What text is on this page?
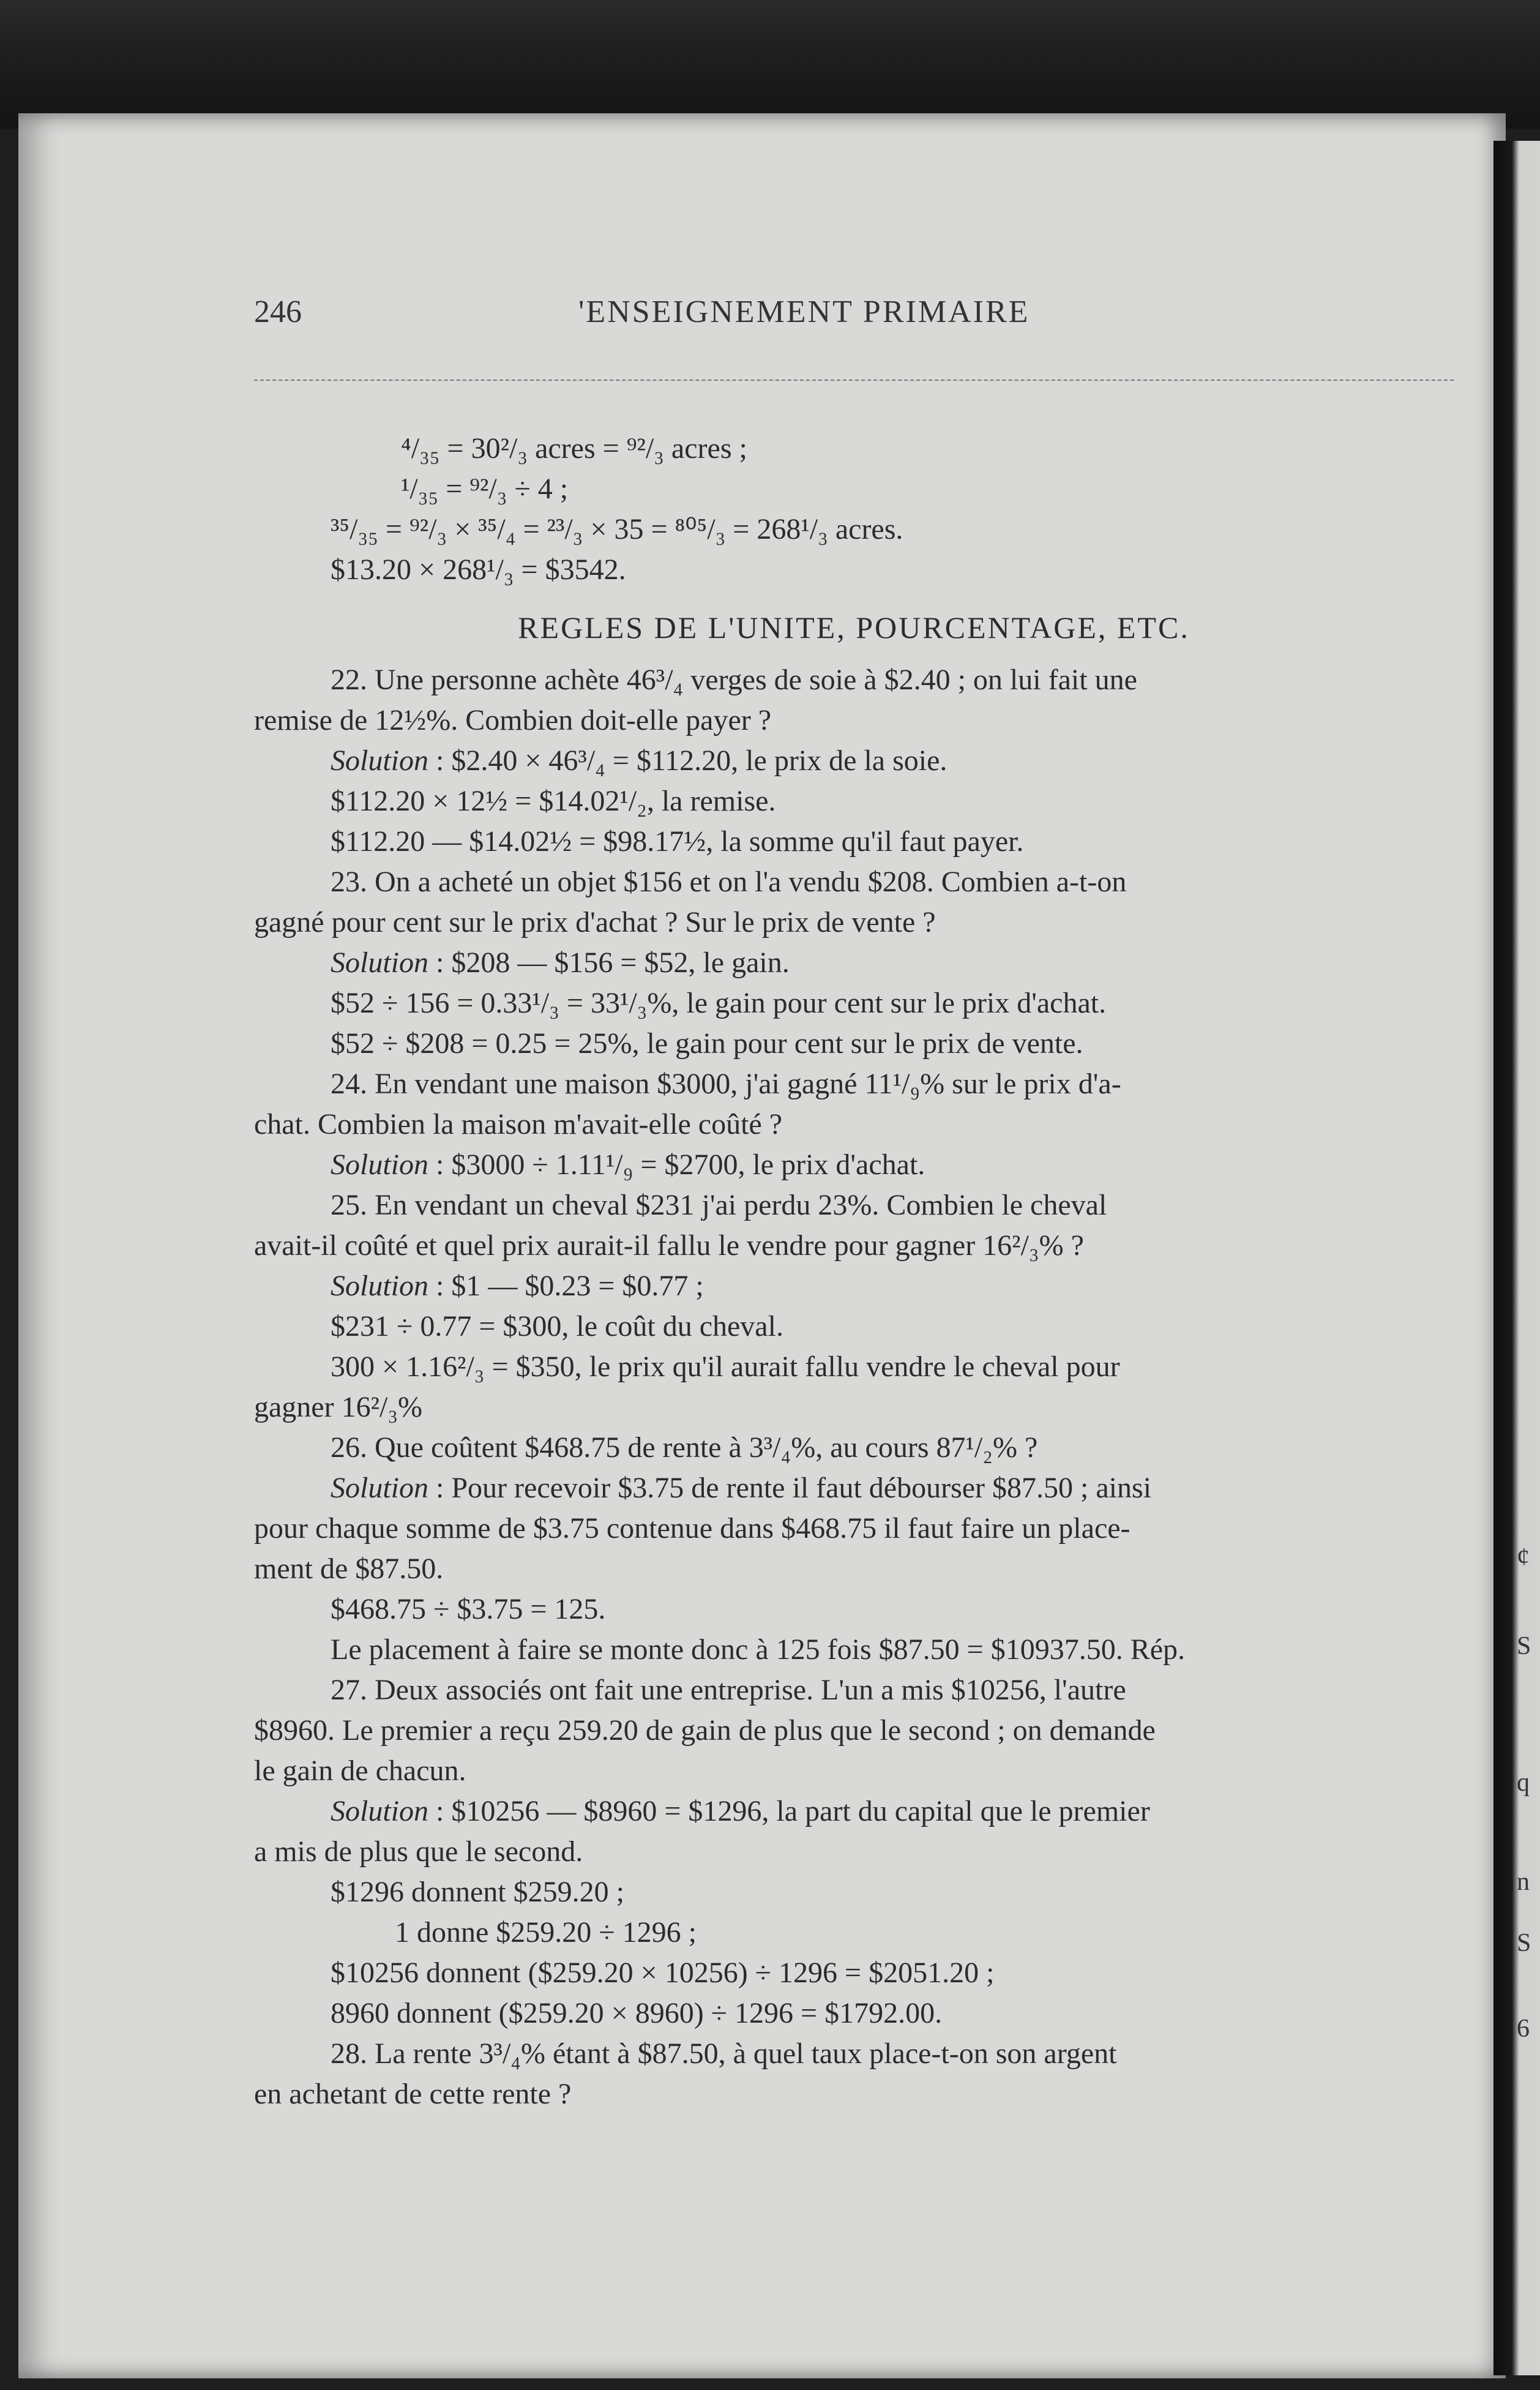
¢
S
q
n
S
6
246	'ENSEIGNEMENT PRIMAIRE
⁴/₃₅ = 30²/₃ acres = ⁹²/₃ acres ;
¹/₃₅ = ⁹²/₃ ÷ 4 ;
³⁵/₃₅ = ⁹²/₃ × ³⁵/₄ = ²³/₃ × 35 = ⁸⁰⁵/₃ = 268¹/₃ acres.
$13.20 × 268¹/₃ = $3542.
REGLES DE L'UNITE, POURCENTAGE, ETC.
22. Une personne achète 46³/₄ verges de soie à $2.40 ; on lui fait une
remise de 12½%. Combien doit-elle payer ?
Solution : $2.40 × 46³/₄ = $112.20, le prix de la soie.
$112.20 × 12½ = $14.02¹/₂, la remise.
$112.20 — $14.02½ = $98.17½, la somme qu'il faut payer.
23. On a acheté un objet $156 et on l'a vendu $208. Combien a-t-on
gagné pour cent sur le prix d'achat ? Sur le prix de vente ?
Solution : $208 — $156 = $52, le gain.
$52 ÷ 156 = 0.33¹/₃ = 33¹/₃%, le gain pour cent sur le prix d'achat.
$52 ÷ $208 = 0.25 = 25%, le gain pour cent sur le prix de vente.
24. En vendant une maison $3000, j'ai gagné 11¹/₉% sur le prix d'a-
chat. Combien la maison m'avait-elle coûté ?
Solution : $3000 ÷ 1.11¹/₉ = $2700, le prix d'achat.
25. En vendant un cheval $231 j'ai perdu 23%. Combien le cheval
avait-il coûté et quel prix aurait-il fallu le vendre pour gagner 16²/₃% ?
Solution : $1 — $0.23 = $0.77 ;
$231 ÷ 0.77 = $300, le coût du cheval.
300 × 1.16²/₃ = $350, le prix qu'il aurait fallu vendre le cheval pour
gagner 16²/₃%
26. Que coûtent $468.75 de rente à 3³/₄%, au cours 87¹/₂% ?
Solution : Pour recevoir $3.75 de rente il faut débourser $87.50 ; ainsi
pour chaque somme de $3.75 contenue dans $468.75 il faut faire un place-
ment de $87.50.
$468.75 ÷ $3.75 = 125.
Le placement à faire se monte donc à 125 fois $87.50 = $10937.50. Rép.
27. Deux associés ont fait une entreprise. L'un a mis $10256, l'autre
$8960. Le premier a reçu 259.20 de gain de plus que le second ; on demande
le gain de chacun.
Solution : $10256 — $8960 = $1296, la part du capital que le premier
a mis de plus que le second.
$1296 donnent $259.20 ;
1 donne $259.20 ÷ 1296 ;
$10256 donnent ($259.20 × 10256) ÷ 1296 = $2051.20 ;
8960 donnent ($259.20 × 8960) ÷ 1296 = $1792.00.
28. La rente 3³/₄% étant à $87.50, à quel taux place-t-on son argent
en achetant de cette rente ?
